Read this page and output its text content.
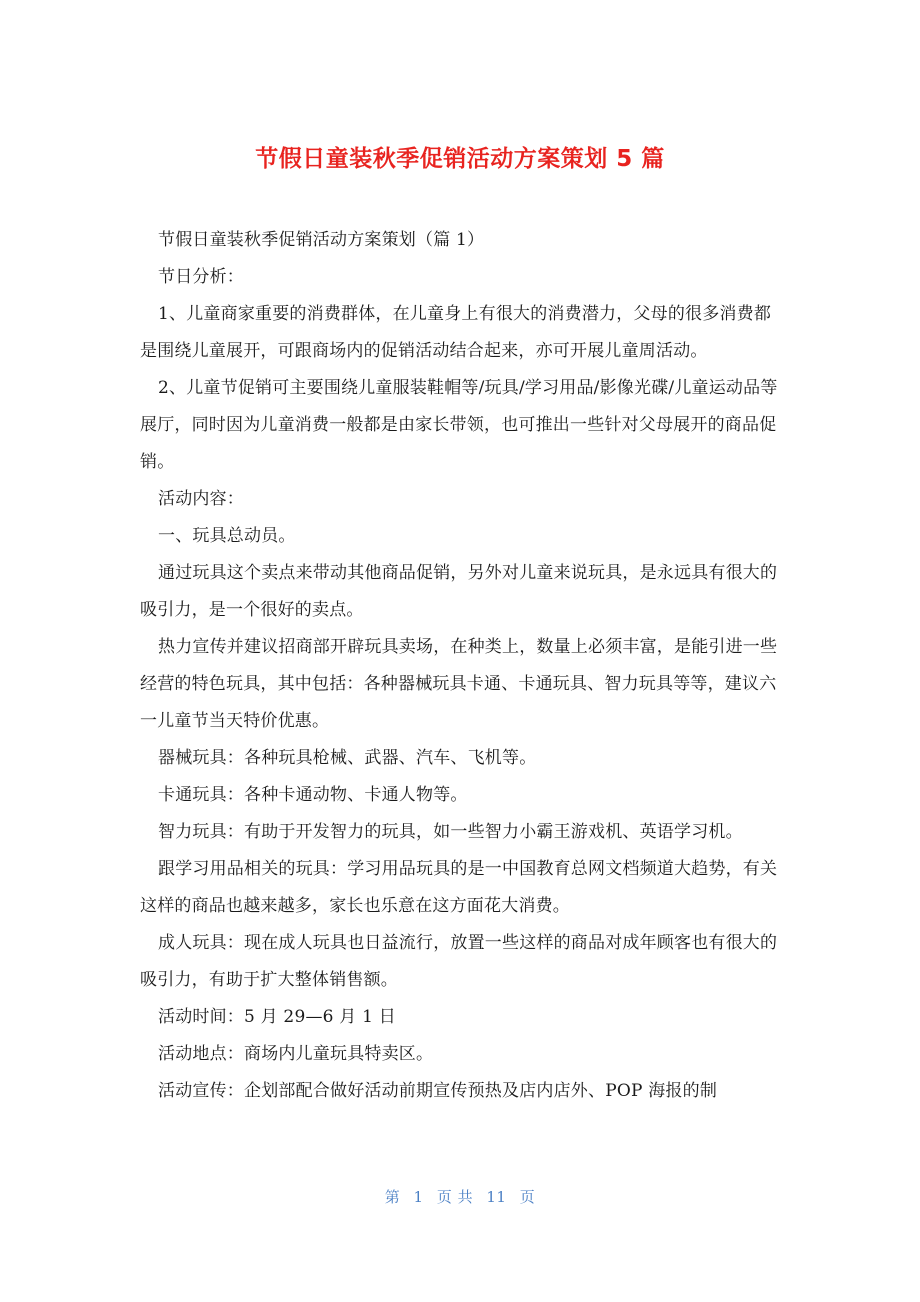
节假日童装秋季促销活动方案策划 5 篇

节假日童装秋季促销活动方案策划（篇 1）

节日分析：

1、儿童商家重要的消费群体，在儿童身上有很大的消费潜力，父母的很多消费都是围绕儿童展开，可跟商场内的促销活动结合起来，亦可开展儿童周活动。

2、儿童节促销可主要围绕儿童服装鞋帽等/玩具/学习用品/影像光碟/儿童运动品等展厅，同时因为儿童消费一般都是由家长带领，也可推出一些针对父母展开的商品促销。

活动内容：

一、玩具总动员。

通过玩具这个卖点来带动其他商品促销，另外对儿童来说玩具，是永远具有很大的吸引力，是一个很好的卖点。

热力宣传并建议招商部开辟玩具卖场，在种类上，数量上必须丰富，是能引进一些经营的特色玩具，其中包括：各种器械玩具卡通、卡通玩具、智力玩具等等，建议六一儿童节当天特价优惠。

器械玩具：各种玩具枪械、武器、汽车、飞机等。

卡通玩具：各种卡通动物、卡通人物等。

智力玩具：有助于开发智力的玩具，如一些智力小霸王游戏机、英语学习机。

跟学习用品相关的玩具：学习用品玩具的是一中国教育总网文档频道大趋势，有关这样的商品也越来越多，家长也乐意在这方面花大消费。

成人玩具：现在成人玩具也日益流行，放置一些这样的商品对成年顾客也有很大的吸引力，有助于扩大整体销售额。

活动时间：5 月 29—6 月 1 日

活动地点：商场内儿童玩具特卖区。

活动宣传：企划部配合做好活动前期宣传预热及店内店外、POP 海报的制

第 1 页 共 11 页
